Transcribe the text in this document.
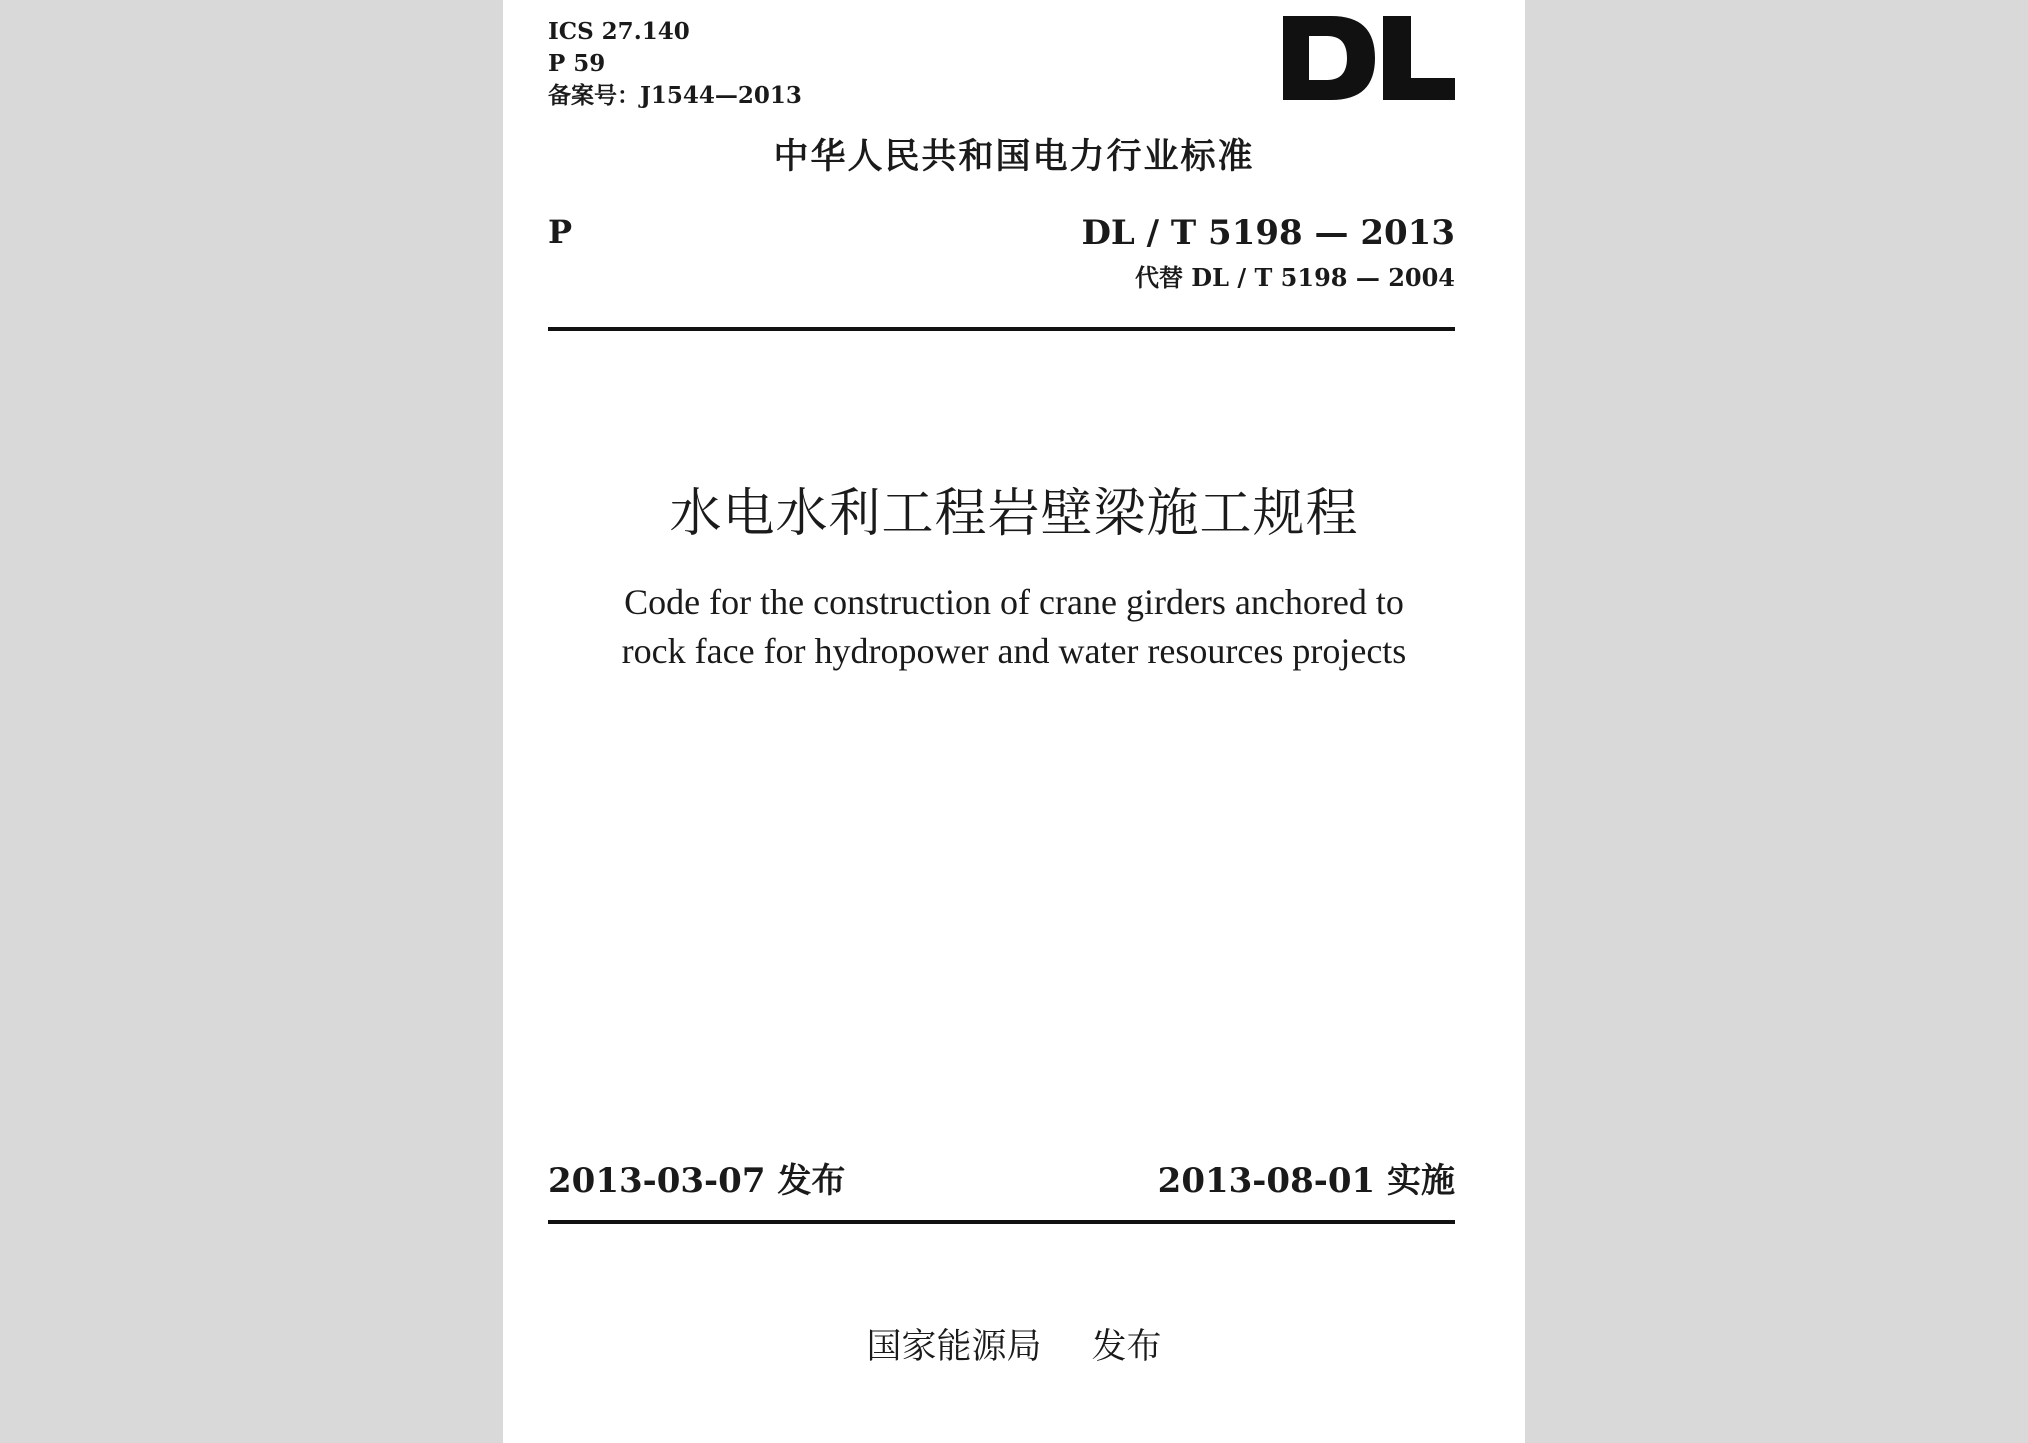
ICS 27.140
P 59
备案号：J1544—2013
中华人民共和国电力行业标准
P	DL / T 5198 — 2013
代替 DL / T 5198 — 2004
水电水利工程岩壁梁施工规程
Code for the construction of crane girders anchored to
rock face for hydropower and water resources projects
2013-03-07 发布	2013-08-01 实施
国家能源局 发布
